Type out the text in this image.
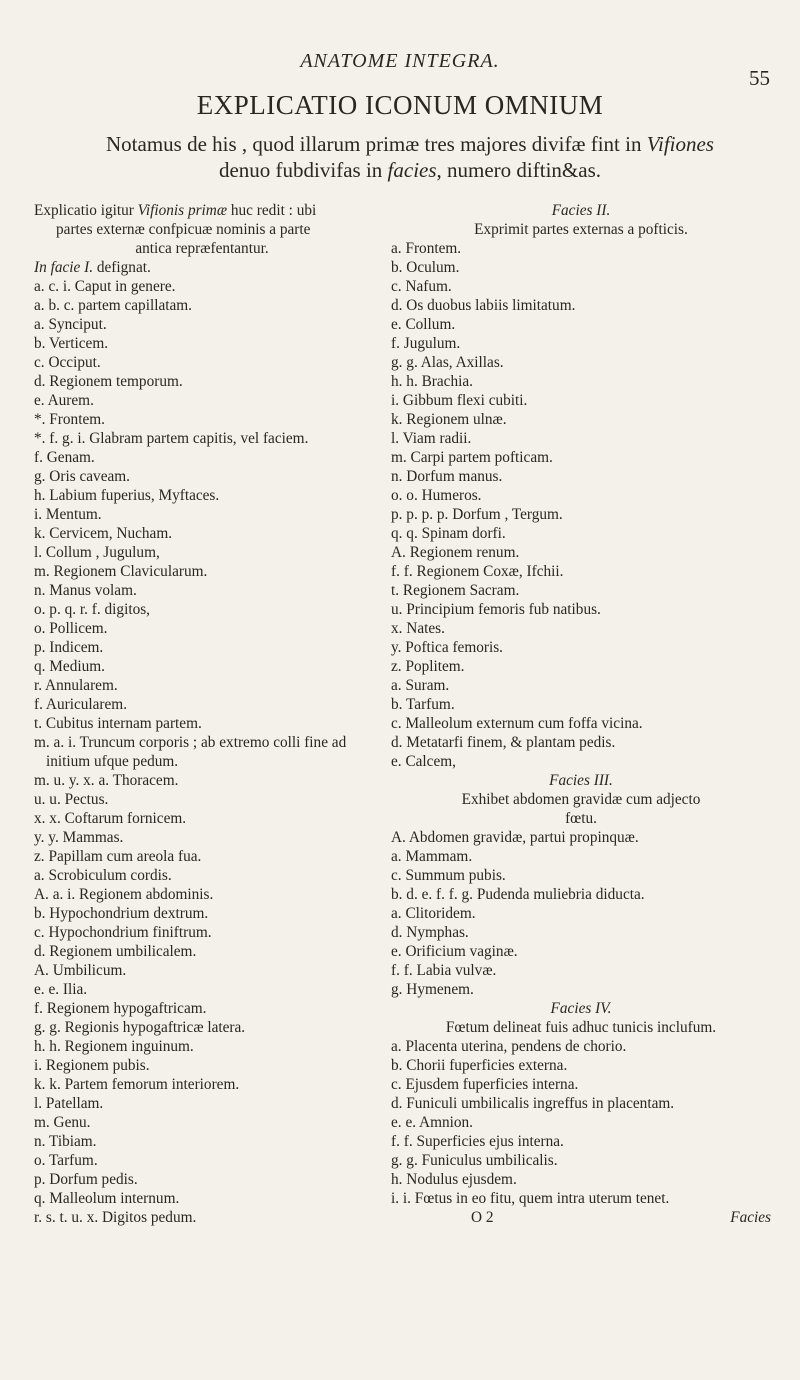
ANATOME INTEGRA.
55
EXPLICATIO ICONUM OMNIUM
Notamus de his , quod illarum primæ tres majores divifæ fint in Vifiones
denuo fubdivifas in facies, numero diftin&as.

Explicatio igitur Vifionis primæ huc redit : ubi

partes externæ confpicuæ nominis a parte

antica repræfentantur.

In facie I. defignat.

a. c. i. Caput in genere.

a. b. c. partem capillatam.

a. Synciput.

b. Verticem.

c. Occiput.

d. Regionem temporum.

e. Aurem.

*. Frontem.

*. f. g. i. Glabram partem capitis, vel faciem.

f. Genam.

g. Oris caveam.

h. Labium fuperius, Myftaces.

i. Mentum.

k. Cervicem, Nucham.

l. Collum , Jugulum,

m. Regionem Clavicularum.

n. Manus volam.

o. p. q. r. f. digitos,

o. Pollicem.

p. Indicem.

q. Medium.

r. Annularem.

f. Auricularem.

t. Cubitus internam partem.

m. a. i. Truncum corporis ; ab extremo colli fine ad initium ufque pedum.

m. u. y. x. a. Thoracem.

u. u. Pectus.

x. x. Coftarum fornicem.

y. y. Mammas.

z. Papillam cum areola fua.

a. Scrobiculum cordis.

A. a. i. Regionem abdominis.

b. Hypochondrium dextrum.

c. Hypochondrium finiftrum.

d. Regionem umbilicalem.

A. Umbilicum.

e. e. Ilia.

f. Regionem hypogaftricam.

g. g. Regionis hypogaftricæ latera.

h. h. Regionem inguinum.

i. Regionem pubis.

k. k. Partem femorum interiorem.

l. Patellam.

m. Genu.

n. Tibiam.

o. Tarfum.

p. Dorfum pedis.

q. Malleolum internum.

r. s. t. u. x. Digitos pedum.

Facies II.

Exprimit partes externas a pofticis.

a. Frontem.

b. Oculum.

c. Nafum.

d. Os duobus labiis limitatum.

e. Collum.

f. Jugulum.

g. g. Alas, Axillas.

h. h. Brachia.

i. Gibbum flexi cubiti.

k. Regionem ulnæ.

l. Viam radii.

m. Carpi partem pofticam.

n. Dorfum manus.

o. o. Humeros.

p. p. p. p. Dorfum , Tergum.

q. q. Spinam dorfi.

A. Regionem renum.

f. f. Regionem Coxæ, Ifchii.

t. Regionem Sacram.

u. Principium femoris fub natibus.

x. Nates.

y. Poftica femoris.

z. Poplitem.

a. Suram.

b. Tarfum.

c. Malleolum externum cum foffa vicina.

d. Metatarfi finem, & plantam pedis.

e. Calcem,

Facies III.

Exhibet abdomen gravidæ cum adjecto

fœtu.

A. Abdomen gravidæ, partui propinquæ.

a. Mammam.

c. Summum pubis.

b. d. e. f. f. g. Pudenda muliebria diducta.

a. Clitoridem.

d. Nymphas.

e. Orificium vaginæ.

f. f. Labia vulvæ.

g. Hymenem.

Facies IV.

Fœtum delineat fuis adhuc tunicis inclufum.

a. Placenta uterina, pendens de chorio.

b. Chorii fuperficies externa.

c. Ejusdem fuperficies interna.

d. Funiculi umbilicalis ingreffus in placentam.

e. e. Amnion.

f. f. Superficies ejus interna.

g. g. Funiculus umbilicalis.

h. Nodulus ejusdem.

i. i. Fœtus in eo fitu, quem intra uterum tenet.

O 2	Facies
